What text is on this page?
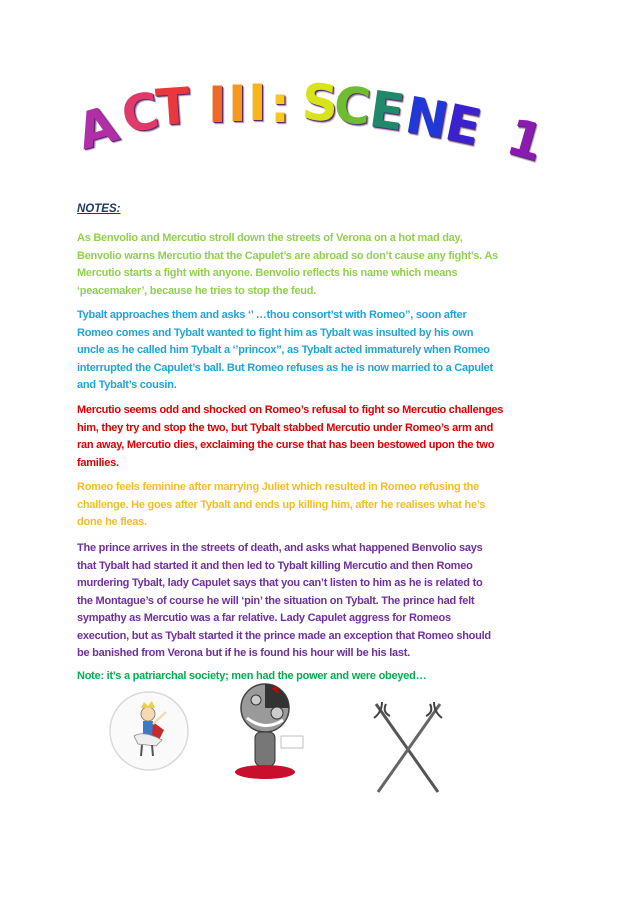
A
C
T I I I : S
C
E
N
E 1
NOTES:
As Benvolio and Mercutio stroll down the streets of Verona on a hot mad day,
Benvolio warns Mercutio that the Capulet’s are abroad so don’t cause any fight’s. As
Mercutio starts a fight with anyone. Benvolio reflects his name which means
‘peacemaker’, because he tries to stop the feud.
Tybalt approaches them and asks ‘’ …thou consort’st with Romeo’’, soon after
Romeo comes and Tybalt wanted to fight him as Tybalt was insulted by his own
uncle as he called him Tybalt a ‘’princox’’, as Tybalt acted immaturely when Romeo
interrupted the Capulet’s ball. But Romeo refuses as he is now married to a Capulet
and Tybalt’s cousin.
Mercutio seems odd and shocked on Romeo’s refusal to fight so Mercutio challenges
him, they try and stop the two, but Tybalt stabbed Mercutio under Romeo’s arm and
ran away, Mercutio dies, exclaiming the curse that has been bestowed upon the two
families.
Romeo feels feminine after marrying Juliet which resulted in Romeo refusing the
challenge. He goes after Tybalt and ends up killing him, after he realises what he’s
done he fleas.
The prince arrives in the streets of death, and asks what happened Benvolio says
that Tybalt had started it and then led to Tybalt killing Mercutio and then Romeo
murdering Tybalt, lady Capulet says that you can’t listen to him as he is related to
the Montague’s of course he will ‘pin’ the situation on Tybalt. The prince had felt
sympathy as Mercutio was a far relative. Lady Capulet aggress for Romeos
execution, but as Tybalt started it the prince made an exception that Romeo should
be banished from Verona but if he is found his hour will be his last.
Note: it’s a patriarchal society; men had the power and were obeyed…
